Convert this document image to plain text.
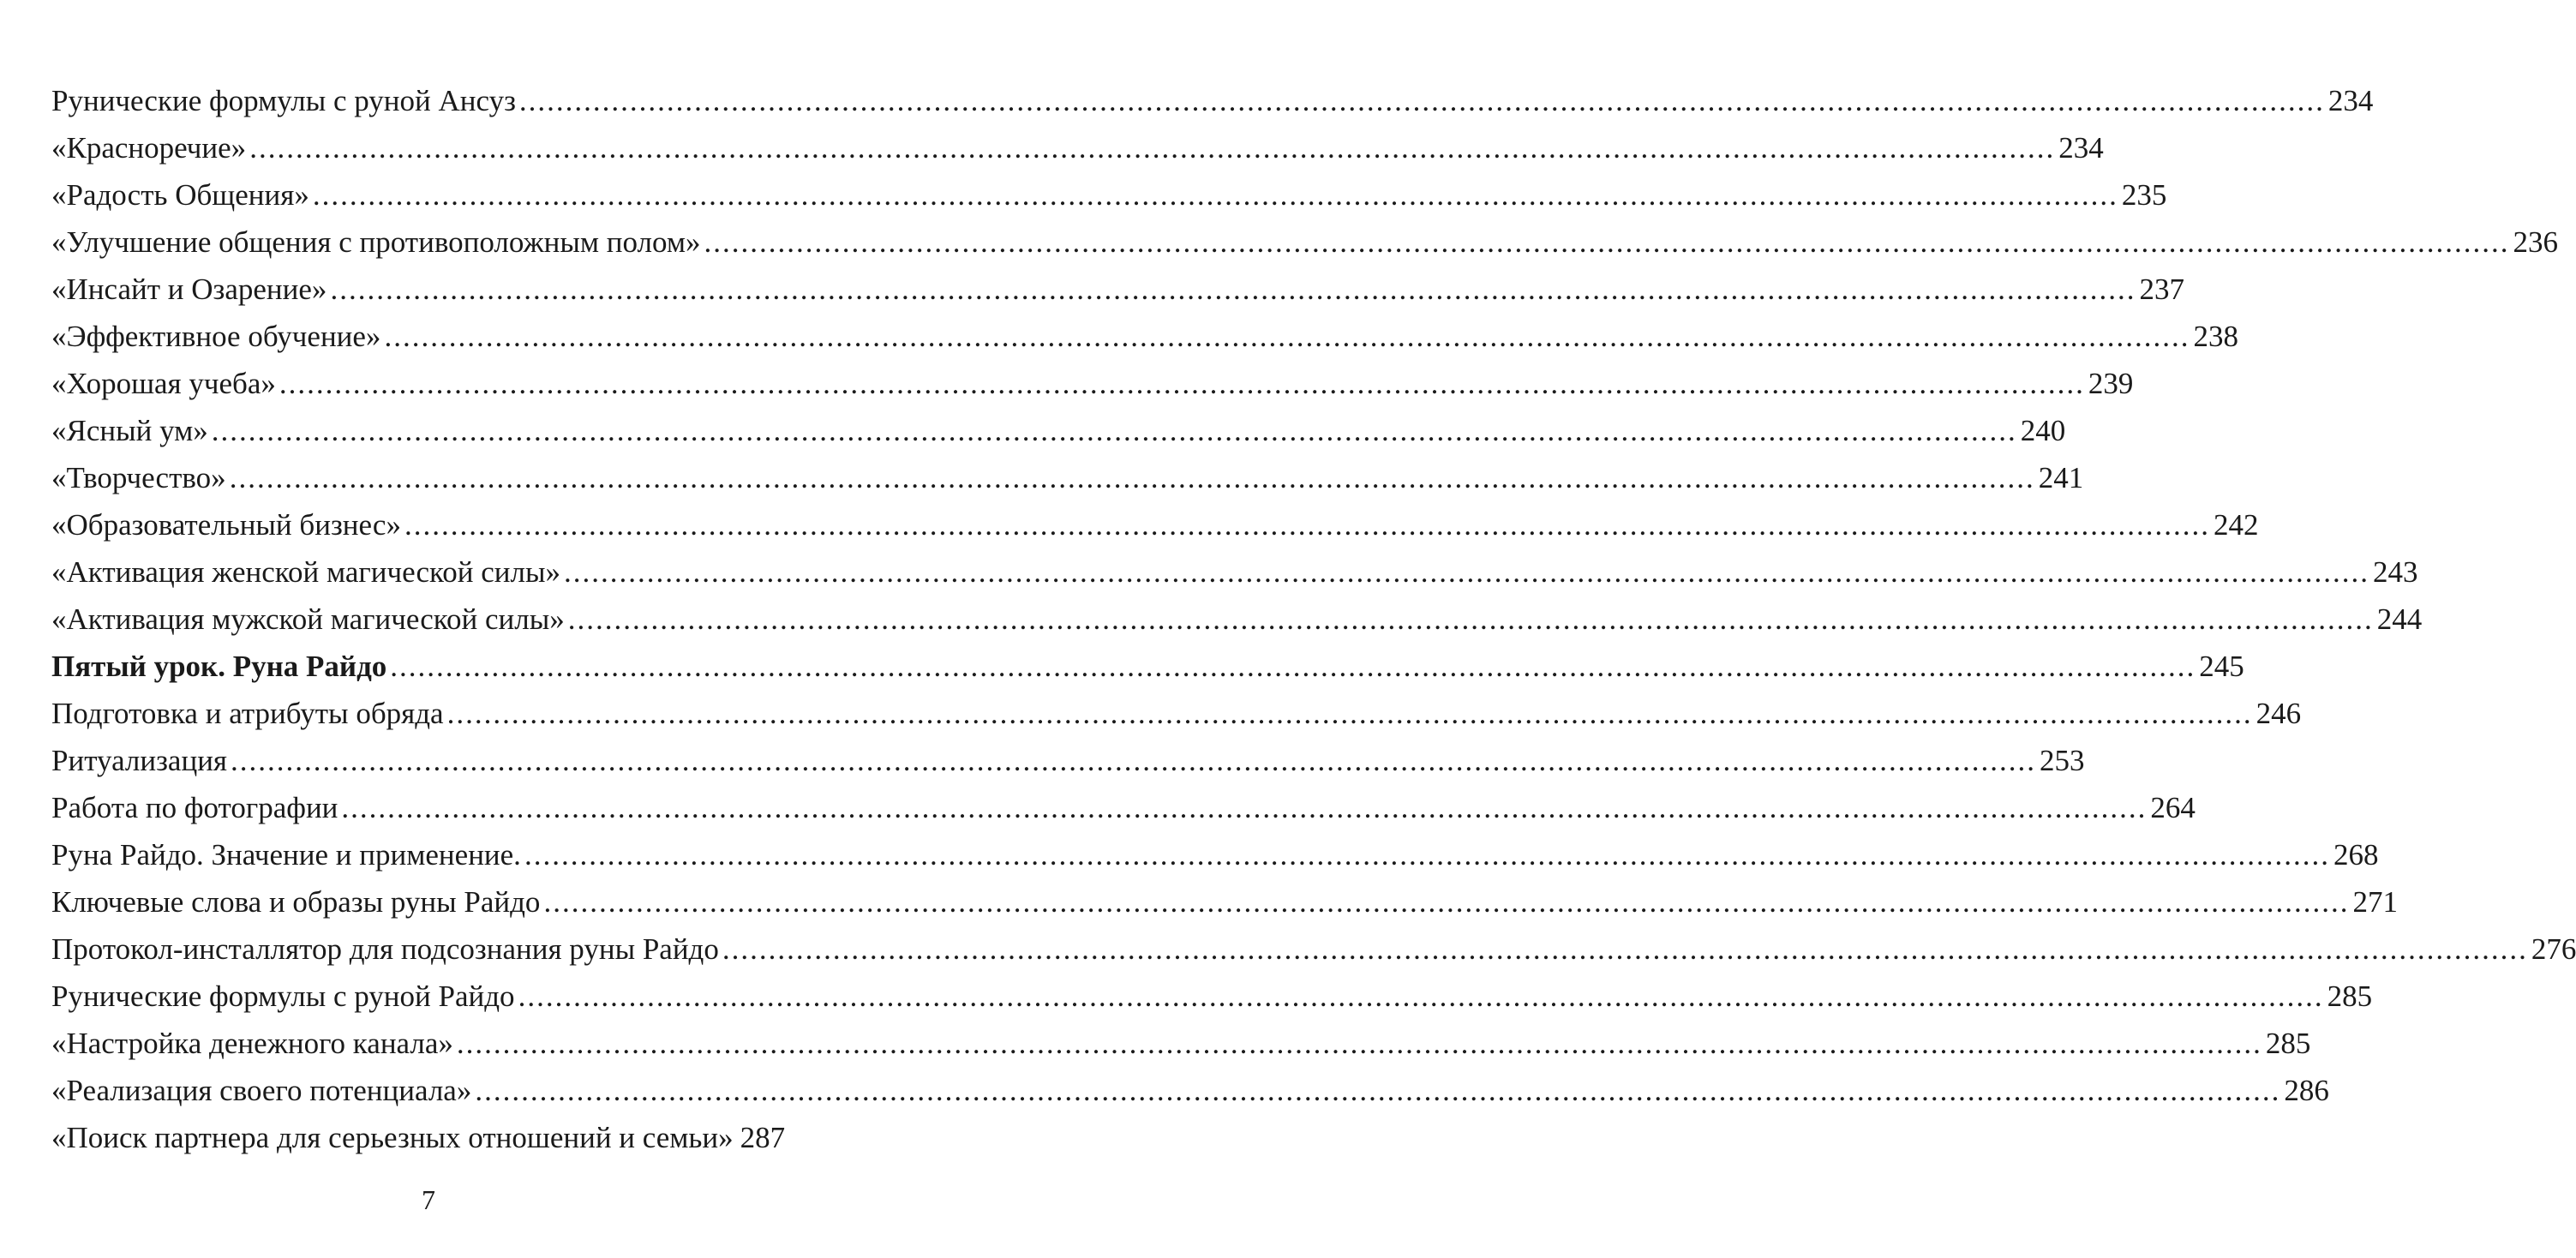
Рунические формулы с руной Ансуз .....	234
«Красноречие» .....	234
«Радость Общения» .....	235
«Улучшение общения с противоположным полом» .....	236
«Инсайт и Озарение» .....	237
«Эффективное обучение» .....	238
«Хорошая учеба» .....	239
«Ясный ум» .....	240
«Творчество» .....	241
«Образовательный бизнес» .....	242
«Активация женской магической силы» .....	243
«Активация мужской магической силы» .....	244
Пятый урок. Руна Райдо .....	245
Подготовка и атрибуты обряда .....	246
Ритуализация .....	253
Работа по фотографии .....	264
Руна Райдо. Значение и применение. .....	268
Ключевые слова и образы руны Райдо .....	271
Протокол-инсталлятор для подсознания руны Райдо .....	276
Рунические формулы с руной Райдо .....	285
«Настройка денежного канала» .....	285
«Реализация своего потенциала» .....	286
«Поиск партнера для серьезных отношений и семьи» 287
7
